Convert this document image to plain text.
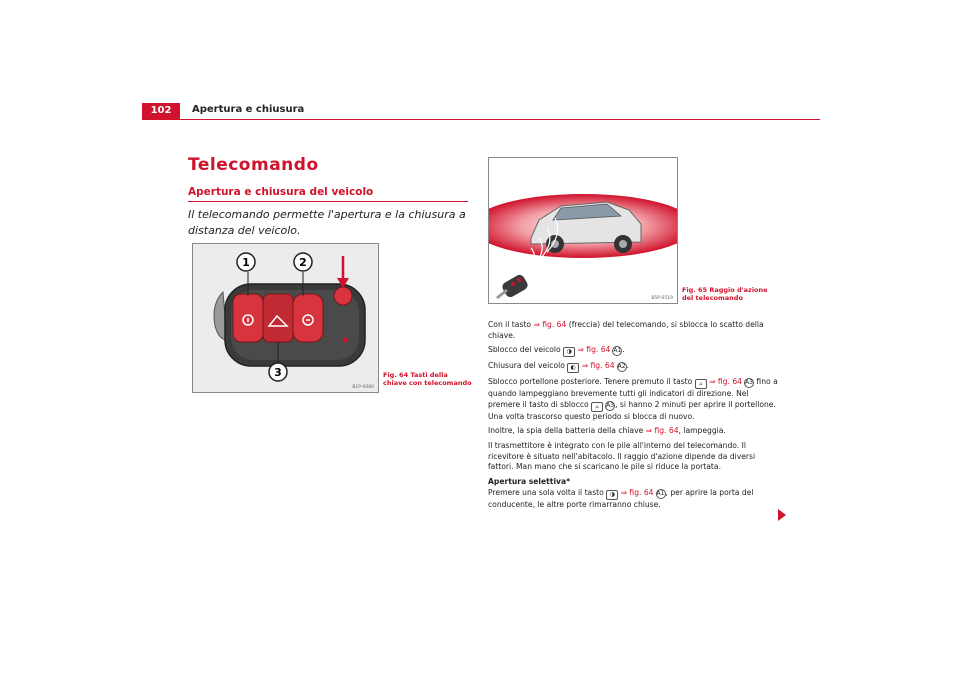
102	Apertura e chiusura
Telecomando
Apertura e chiusura del veicolo
Il telecomando permette l'apertura e la chiusura a distanza del veicolo.
1	2
3
B1P-0080
Fig. 64 Tasti della chiave con telecomando
B5P-0519
Fig. 65 Raggio d'azione del telecomando

Con il tasto ⇒ fig. 64 (freccia) del telecomando, si sblocca lo scatto della chiave.

Sblocco del veicolo ◑ ⇒ fig. 64 A1.

Chiusura del veicolo ◐ ⇒ fig. 64 A2.

Sblocco portellone posteriore. Tenere premuto il tasto ▵ ⇒ fig. 64 A3 fino a quando lampeggiano brevemente tutti gli indicatori di direzione. Nel premere il tasto di sblocco ▵ A3, si hanno 2 minuti per aprire il portellone. Una volta trascorso questo periodo si blocca di nuovo.

Inoltre, la spia della batteria della chiave ⇒ fig. 64, lampeggia.

Il trasmettitore è integrato con le pile all'interno del telecomando. Il ricevitore è situato nell'abitacolo. Il raggio d'azione dipende da diversi fattori. Man mano che si scaricano le pile si riduce la portata.

Apertura selettiva*

Premere una sola volta il tasto ◑ ⇒ fig. 64 A1, per aprire la porta del conducente, le altre porte rimarranno chiuse.
